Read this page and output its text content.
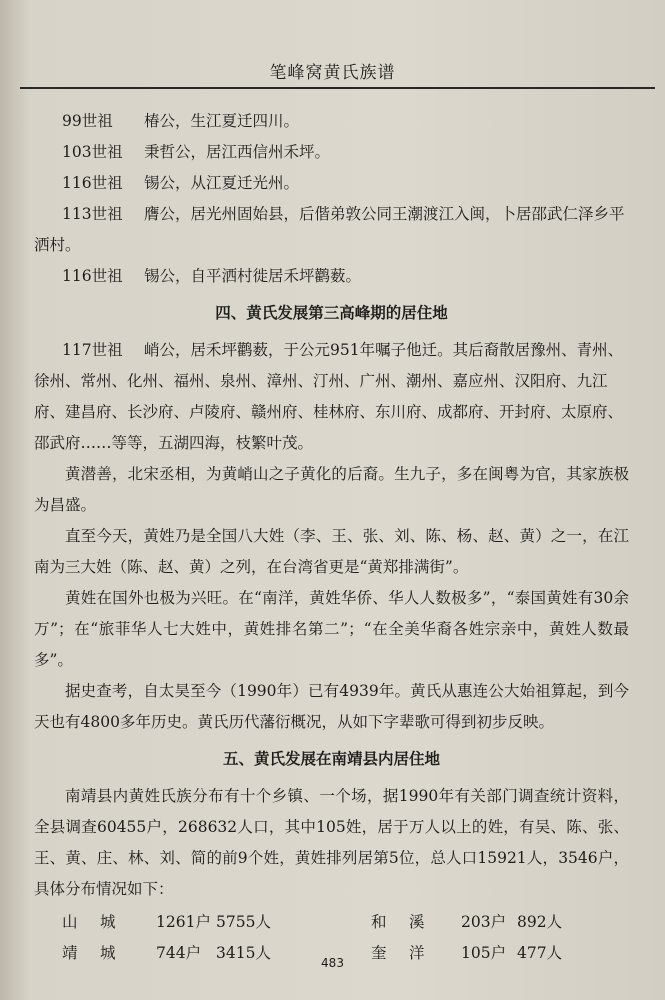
笔峰窝黄氏族谱
99世祖	椿公，生江夏迁四川。
103世祖	秉哲公，居江西信州禾坪。
116世祖	锡公，从江夏迁光州。

113世祖 膺公，居光州固始县，后偕弟敦公同王潮渡江入闽，卜居邵武仁泽乡平洒村。

116世祖	锡公，自平洒村徙居禾坪鹳薮。
四、黄氏发展第三高峰期的居住地

117世祖 峭公，居禾坪鹳薮，于公元951年嘱子他迁。其后裔散居豫州、青州、徐州、常州、化州、福州、泉州、漳州、汀州、广州、潮州、嘉应州、汉阳府、九江府、建昌府、长沙府、卢陵府、赣州府、桂林府、东川府、成都府、开封府、太原府、邵武府……等等，五湖四海，枝繁叶茂。

黄潜善，北宋丞相，为黄峭山之子黄化的后裔。生九子，多在闽粤为官，其家族极为昌盛。

直至今天，黄姓乃是全国八大姓（李、王、张、刘、陈、杨、赵、黄）之一，在江南为三大姓（陈、赵、黄）之列，在台湾省更是“黄郑排满街”。

黄姓在国外也极为兴旺。在“南洋，黄姓华侨、华人人数极多”，“泰国黄姓有30余万”；在“旅菲华人七大姓中，黄姓排名第二”；“在全美华裔各姓宗亲中，黄姓人数最多”。

据史查考，自太昊至今（1990年）已有4939年。黄氏从惠连公大始祖算起，到今天也有4800多年历史。黄氏历代藩衍概况，从如下字辈歌可得到初步反映。

五、黄氏发展在南靖县内居住地

南靖县内黄姓氏族分布有十个乡镇、一个场，据1990年有关部门调查统计资料，全县调查60455户，268632人口，其中105姓，居于万人以上的姓，有吴、陈、张、王、黄、庄、林、刘、简的前9个姓，黄姓排列居第5位，总人口15921人，3546户，具体分布情况如下：

山	城	1261户 5755人	和	溪	203户 892人
靖	城	744户 3415人	奎	洋	105户 477人
483
